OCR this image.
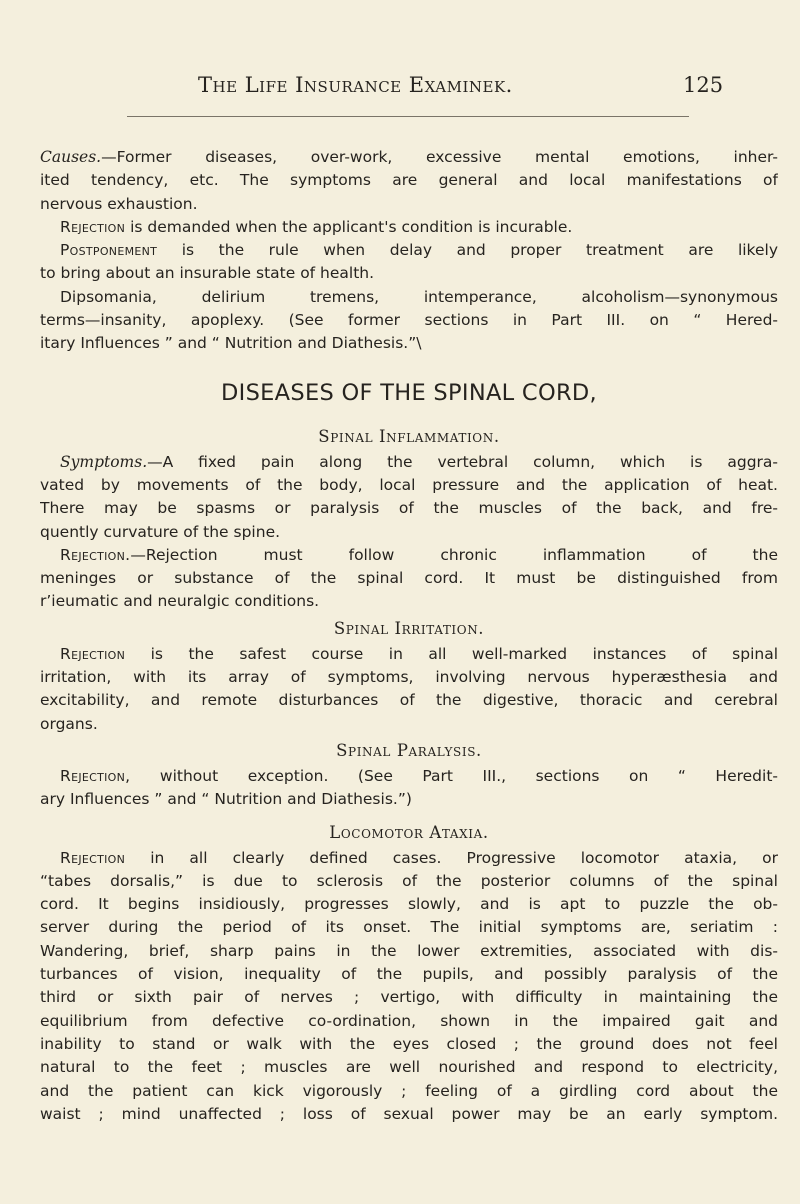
The Life Insurance Examinek.	125
Causes.—Former diseases, over-work, excessive mental emotions, inher-
ited tendency, etc. The symptoms are general and local manifestations of
nervous exhaustion.
Rejection is demanded when the applicant's condition is incurable.
Postponement is the rule when delay and proper treatment are likely
to bring about an insurable state of health.
Dipsomania, delirium tremens, intemperance, alcoholism—synonymous
terms—insanity, apoplexy. (See former sections in Part III. on “ Hered-
itary Influences ” and “ Nutrition and Diathesis.”\
DISEASES OF THE SPINAL CORD,
Spinal Inflammation.
Symptoms.—A fixed pain along the vertebral column, which is aggra-
vated by movements of the body, local pressure and the application of heat.
There may be spasms or paralysis of the muscles of the back, and fre-
quently curvature of the spine.
Rejection.—Rejection must follow chronic inflammation of the
meninges or substance of the spinal cord. It must be distinguished from
r’ieumatic and neuralgic conditions.
Spinal Irritation.
Rejection is the safest course in all well-marked instances of spinal
irritation, with its array of symptoms, involving nervous hyperæsthesia and
excitability, and remote disturbances of the digestive, thoracic and cerebral
organs.
Spinal Paralysis.
Rejection, without exception. (See Part III., sections on “ Heredit-
ary Influences ” and “ Nutrition and Diathesis.”)
Locomotor Ataxia.
Rejection in all clearly defined cases. Progressive locomotor ataxia, or
“tabes dorsalis,” is due to sclerosis of the posterior columns of the spinal
cord. It begins insidiously, progresses slowly, and is apt to puzzle the ob-
server during the period of its onset. The initial symptoms are, seriatim :
Wandering, brief, sharp pains in the lower extremities, associated with dis-
turbances of vision, inequality of the pupils, and possibly paralysis of the
third or sixth pair of nerves ; vertigo, with difficulty in maintaining the
equilibrium from defective co-ordination, shown in the impaired gait and
inability to stand or walk with the eyes closed ; the ground does not feel
natural to the feet ; muscles are well nourished and respond to electricity,
and the patient can kick vigorously ; feeling of a girdling cord about the
waist ; mind unaffected ; loss of sexual power may be an early symptom.
